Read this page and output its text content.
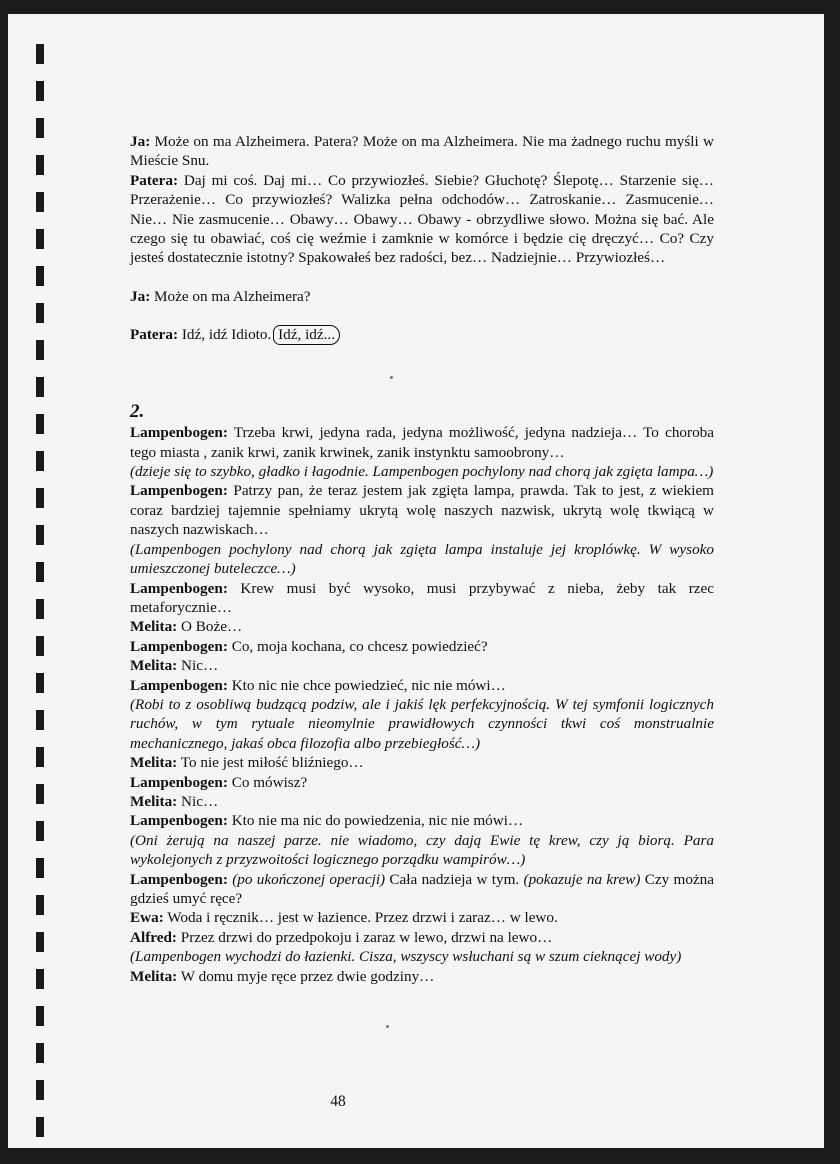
Ja: Może on ma Alzheimera. Patera? Może on ma Alzheimera. Nie ma żadnego ruchu myśli w Mieście Snu.

Patera: Daj mi coś. Daj mi… Co przywiozłeś. Siebie? Głuchotę? Ślepotę… Starzenie się… Przerażenie… Co przywiozłeś? Walizka pełna odchodów… Zatroskanie… Zasmucenie… Nie… Nie zasmucenie… Obawy… Obawy… Obawy - obrzydliwe słowo. Można się bać. Ale czego się tu obawiać, coś cię weźmie i zamknie w komórce i będzie cię dręczyć… Co? Czy jesteś dostatecznie istotny? Spakowałeś bez radości, bez… Nadziejnie… Przywiozłeś…

Ja: Może on ma Alzheimera?

Patera: Idź, idź Idioto. Idź, idź...

2.

Lampenbogen: Trzeba krwi, jedyna rada, jedyna możliwość, jedyna nadzieja… To choroba tego miasta , zanik krwi, zanik krwinek, zanik instynktu samoobrony…

(dzieje się to szybko, gładko i łagodnie. Lampenbogen pochylony nad chorą jak zgięta lampa…)

Lampenbogen: Patrzy pan, że teraz jestem jak zgięta lampa, prawda. Tak to jest, z wiekiem coraz bardziej tajemnie spełniamy ukrytą wolę naszych nazwisk, ukrytą wolę tkwiącą w naszych nazwiskach…

(Lampenbogen pochylony nad chorą jak zgięta lampa instaluje jej kroplówkę. W wysoko umieszczonej buteleczce…)

Lampenbogen: Krew musi być wysoko, musi przybywać z nieba, żeby tak rzec metaforycznie…

Melita: O Boże…

Lampenbogen: Co, moja kochana, co chcesz powiedzieć?

Melita: Nic…

Lampenbogen: Kto nic nie chce powiedzieć, nic nie mówi…

(Robi to z osobliwą budzącą podziw, ale i jakiś lęk perfekcyjnością. W tej symfonii logicznych ruchów, w tym rytuale nieomylnie prawidłowych czynności tkwi coś monstrualnie mechanicznego, jakaś obca filozofia albo przebiegłość…)

Melita: To nie jest miłość bliźniego…

Lampenbogen: Co mówisz?

Melita: Nic…

Lampenbogen: Kto nie ma nic do powiedzenia, nic nie mówi…

(Oni żerują na naszej parze. nie wiadomo, czy dają Ewie tę krew, czy ją biorą. Para wykolejonych z przyzwoitości logicznego porządku wampirów…)

Lampenbogen: (po ukończonej operacji) Cała nadzieja w tym. (pokazuje na krew) Czy można gdzieś umyć ręce?

Ewa: Woda i ręcznik… jest w łazience. Przez drzwi i zaraz… w lewo.

Alfred: Przez drzwi do przedpokoju i zaraz w lewo, drzwi na lewo…

(Lampenbogen wychodzi do łazienki. Cisza, wszyscy wsłuchani są w szum cieknącej wody)

Melita: W domu myje ręce przez dwie godziny…

48
